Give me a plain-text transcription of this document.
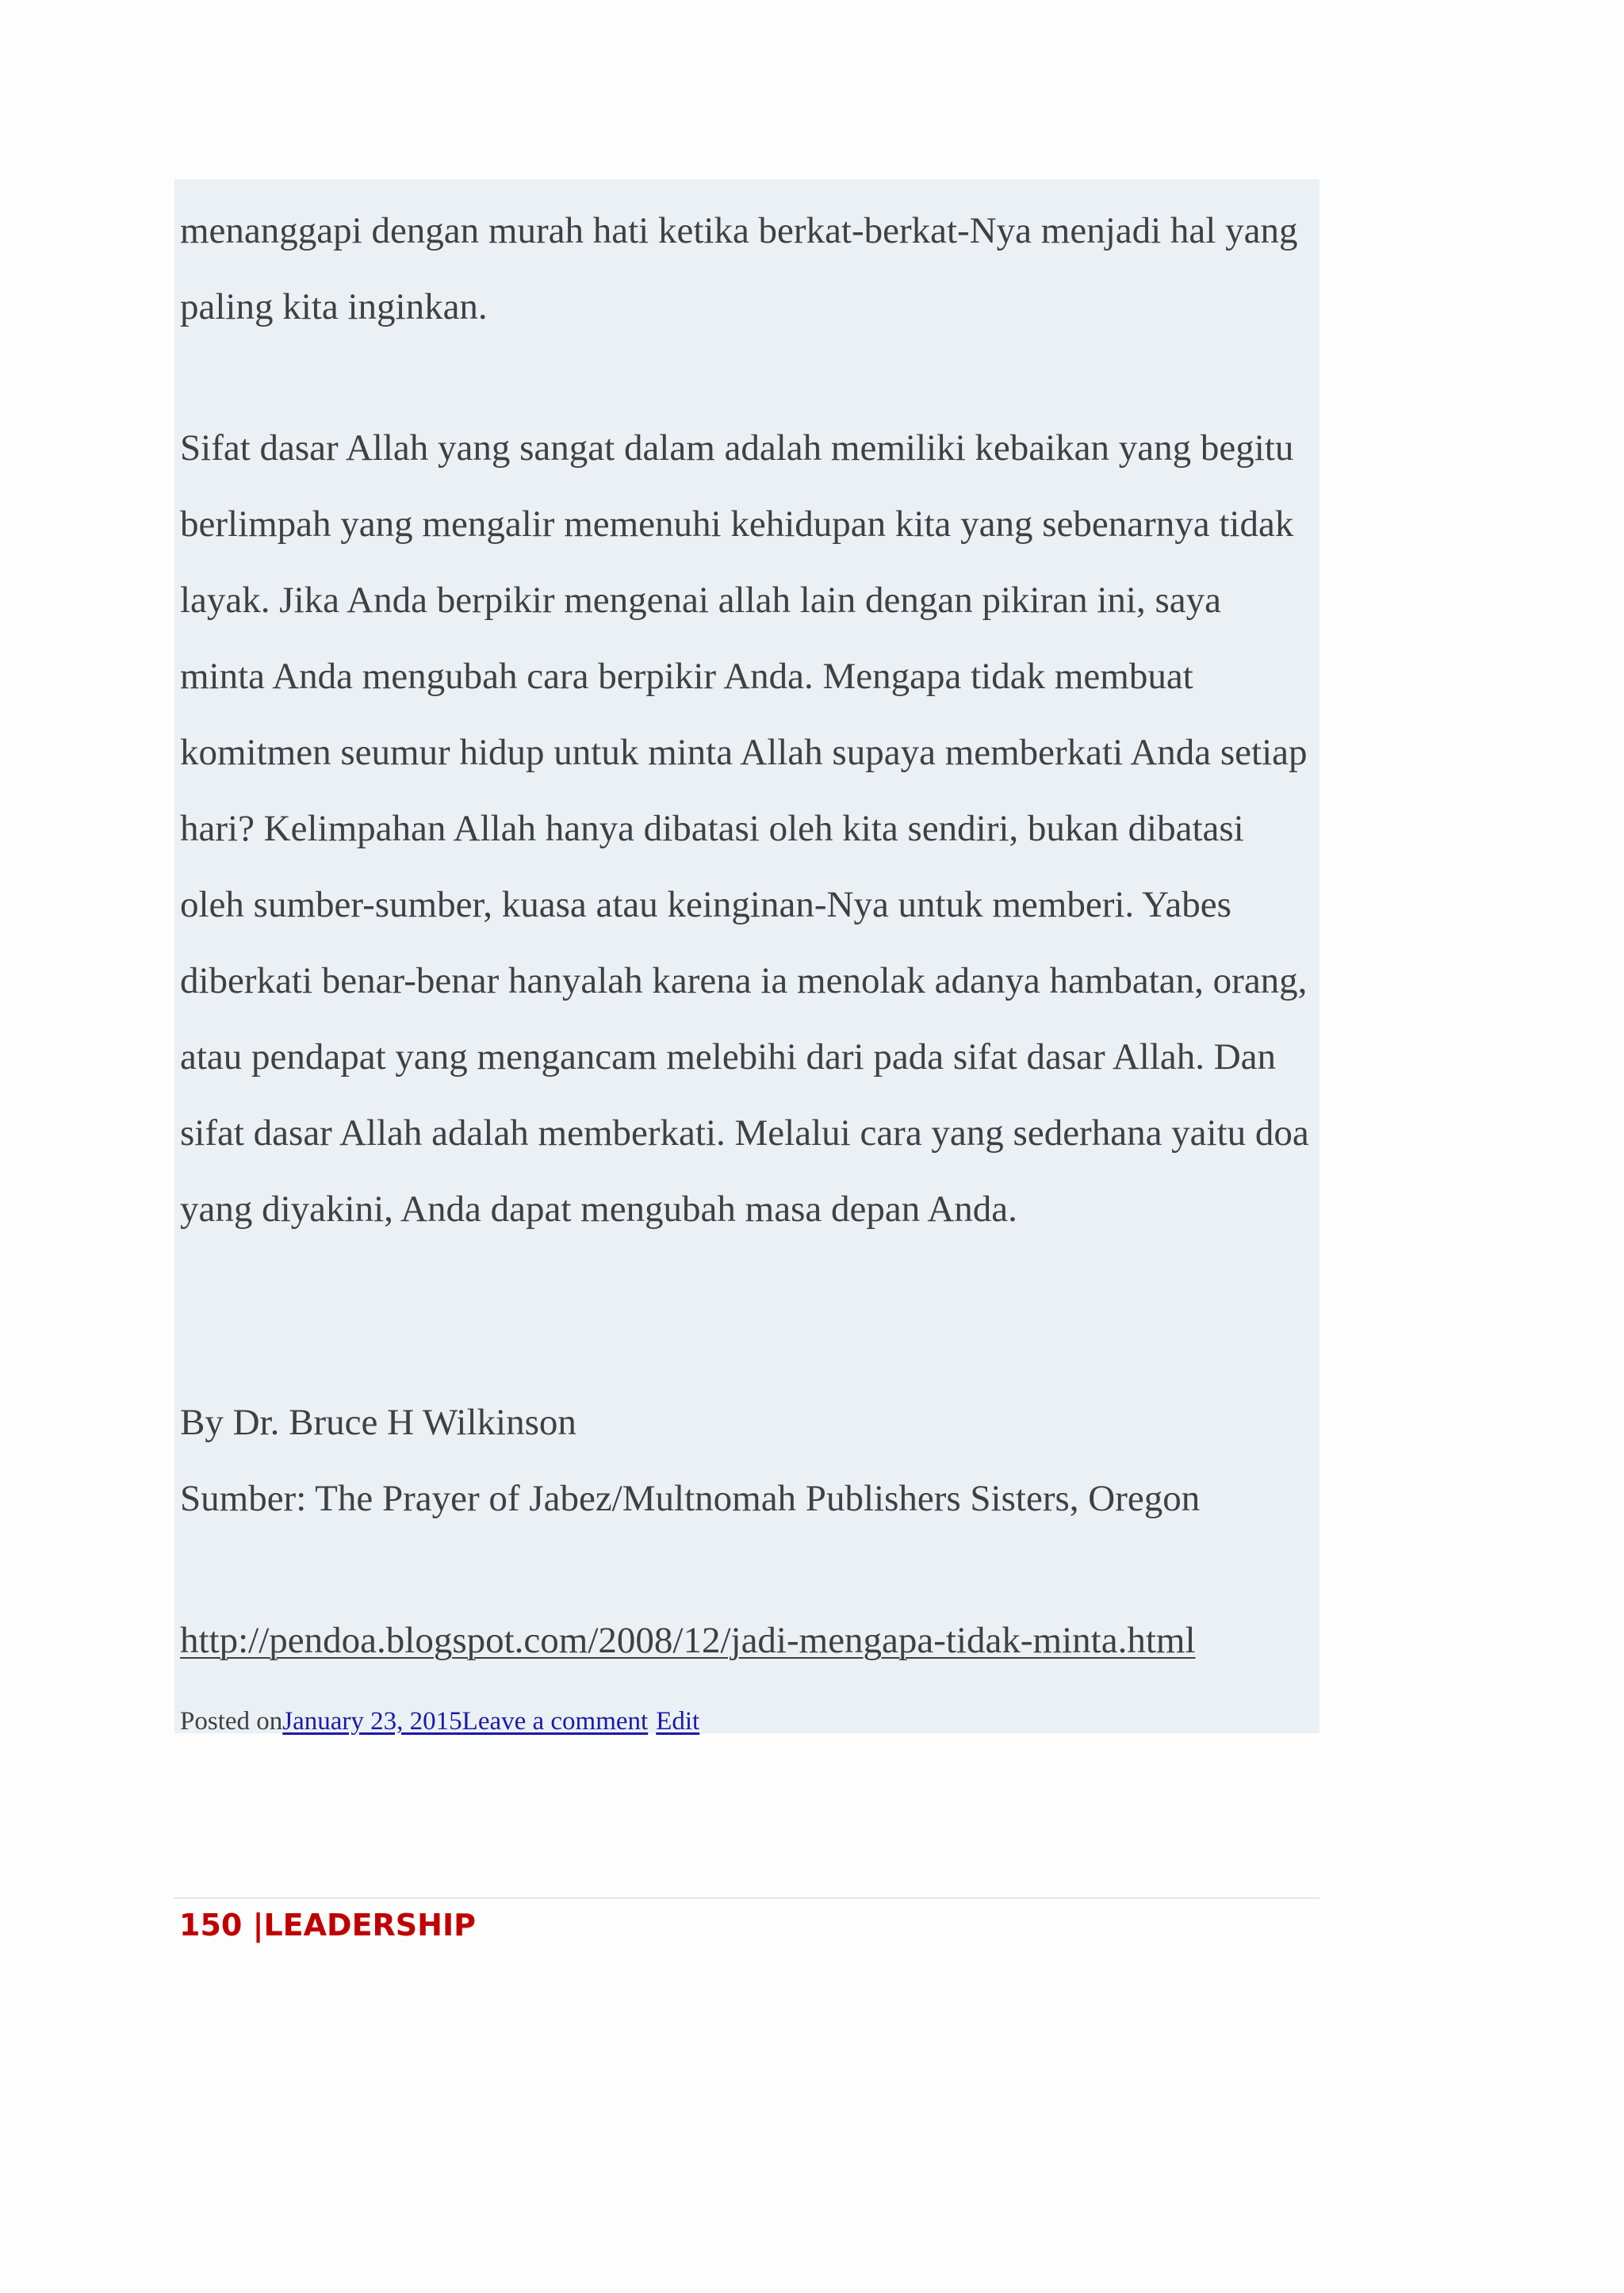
menanggapi dengan murah hati ketika berkat-berkat-Nya menjadi hal yang paling kita inginkan.

Sifat dasar Allah yang sangat dalam adalah memiliki kebaikan yang begitu berlimpah yang mengalir memenuhi kehidupan kita yang sebenarnya tidak layak. Jika Anda berpikir mengenai allah lain dengan pikiran ini, saya minta Anda mengubah cara berpikir Anda. Mengapa tidak membuat komitmen seumur hidup untuk minta Allah supaya memberkati Anda setiap hari? Kelimpahan Allah hanya dibatasi oleh kita sendiri, bukan dibatasi oleh sumber-sumber, kuasa atau keinginan-Nya untuk memberi. Yabes diberkati benar-benar hanyalah karena ia menolak adanya hambatan, orang, atau pendapat yang mengancam melebihi dari pada sifat dasar Allah. Dan sifat dasar Allah adalah memberkati. Melalui cara yang sederhana yaitu doa yang diyakini, Anda dapat mengubah masa depan Anda.

By Dr. Bruce H Wilkinson

Sumber: The Prayer of Jabez/Multnomah Publishers Sisters, Oregon

http://pendoa.blogspot.com/2008/12/jadi-mengapa-tidak-minta.html
Posted onJanuary 23, 2015Leave a comment Edit
150 |LEADERSHIP
